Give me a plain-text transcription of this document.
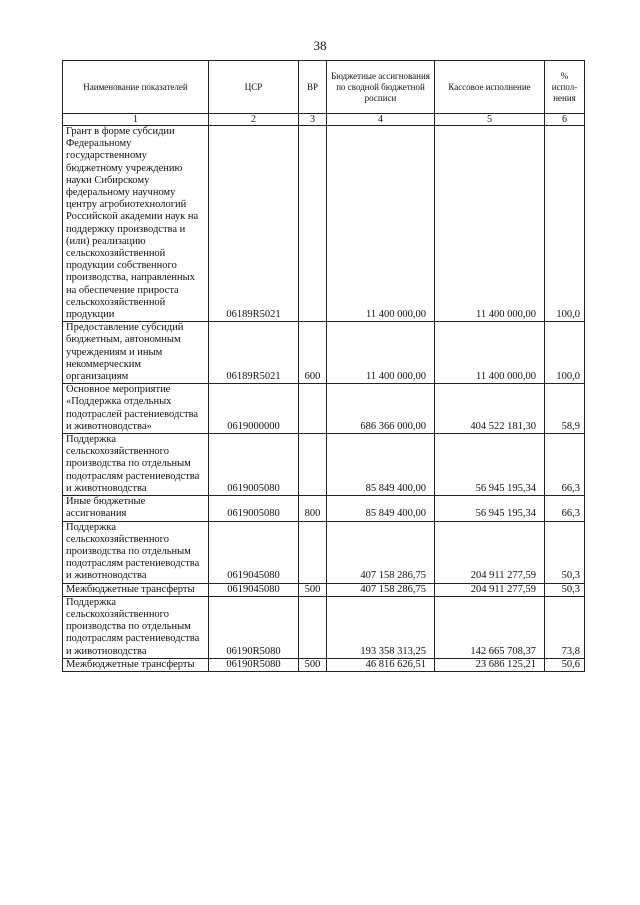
38
Наименование показателей	ЦСР	ВР	Бюджетные ассигнования по сводной бюджетной росписи	Кассовое исполнение	% испол-нения
1	2	3	4	5	6
Грант в форме субсидии Федеральному государственному бюджетному учреждению науки Сибирскому федеральному научному центру агробиотехнологий Российской академии наук на поддержку производства и (или) реализацию сельскохозяйственной продукции собственного производства, направленных на обеспечение прироста сельскохозяйственной продукции	06189R5021		11 400 000,00	11 400 000,00	100,0
Предоставление субсидий бюджетным, автономным учреждениям и иным некоммерческим организациям	06189R5021	600	11 400 000,00	11 400 000,00	100,0
Основное мероприятие «Поддержка отдельных подотраслей растениеводства и животноводства»	0619000000		686 366 000,00	404 522 181,30	58,9
Поддержка сельскохозяйственного производства по отдельным подотраслям растениеводства и животноводства	0619005080		85 849 400,00	56 945 195,34	66,3
Иные бюджетные ассигнования	0619005080	800	85 849 400,00	56 945 195,34	66,3
Поддержка сельскохозяйственного производства по отдельным подотраслям растениеводства и животноводства	0619045080		407 158 286,75	204 911 277,59	50,3
Межбюджетные трансферты	0619045080	500	407 158 286,75	204 911 277,59	50,3
Поддержка сельскохозяйственного производства по отдельным подотраслям растениеводства и животноводства	06190R5080		193 358 313,25	142 665 708,37	73,8
Межбюджетные трансферты	06190R5080	500	46 816 626,51	23 686 125,21	50,6
